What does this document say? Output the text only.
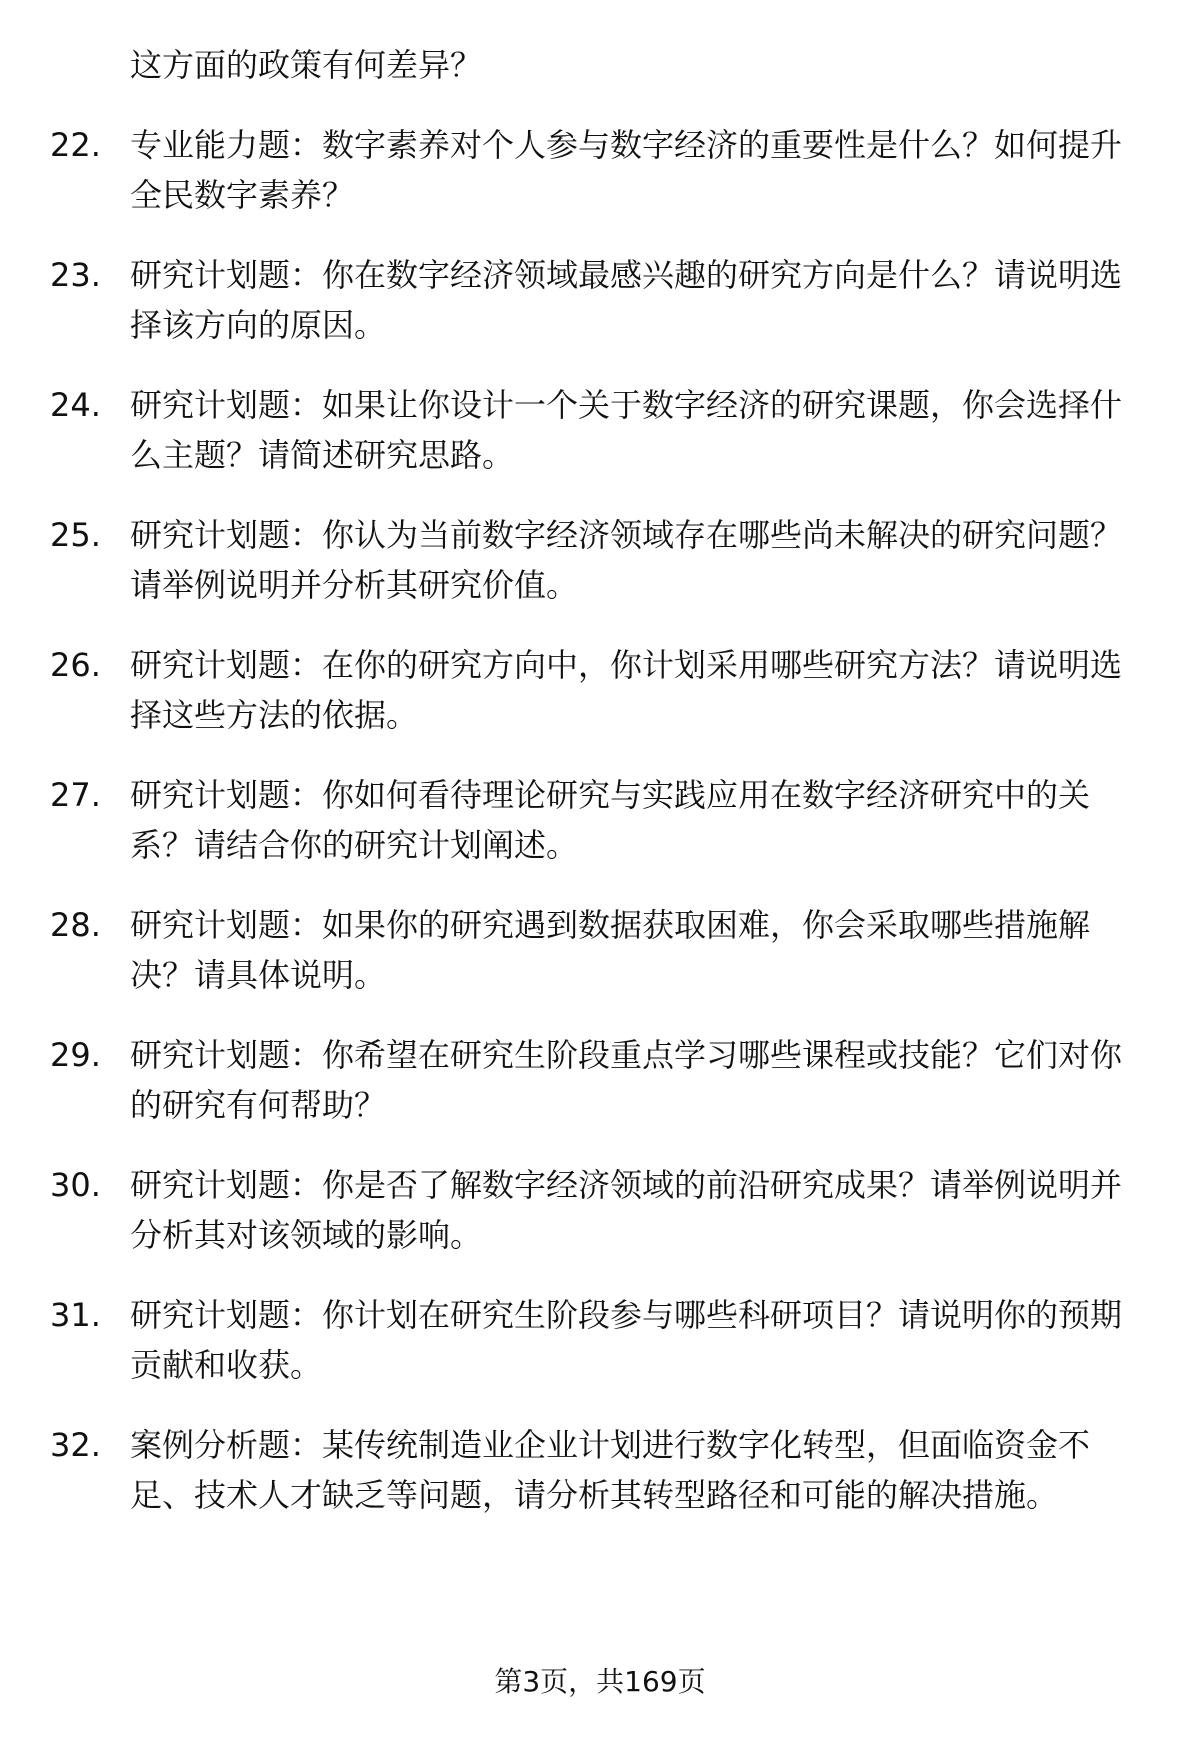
这方面的政策有何差异？
22. 专业能力题：数字素养对个人参与数字经济的重要性是什么？如何提升全民数字素养？
23. 研究计划题：你在数字经济领域最感兴趣的研究方向是什么？请说明选择该方向的原因。
24. 研究计划题：如果让你设计一个关于数字经济的研究课题，你会选择什么主题？请简述研究思路。
25. 研究计划题：你认为当前数字经济领域存在哪些尚未解决的研究问题？请举例说明并分析其研究价值。
26. 研究计划题：在你的研究方向中，你计划采用哪些研究方法？请说明选择这些方法的依据。
27. 研究计划题：你如何看待理论研究与实践应用在数字经济研究中的关系？请结合你的研究计划阐述。
28. 研究计划题：如果你的研究遇到数据获取困难，你会采取哪些措施解决？请具体说明。
29. 研究计划题：你希望在研究生阶段重点学习哪些课程或技能？它们对你的研究有何帮助？
30. 研究计划题：你是否了解数字经济领域的前沿研究成果？请举例说明并分析其对该领域的影响。
31. 研究计划题：你计划在研究生阶段参与哪些科研项目？请说明你的预期贡献和收获。
32. 案例分析题：某传统制造业企业计划进行数字化转型，但面临资金不足、技术人才缺乏等问题，请分析其转型路径和可能的解决措施。
第3页，共169页
